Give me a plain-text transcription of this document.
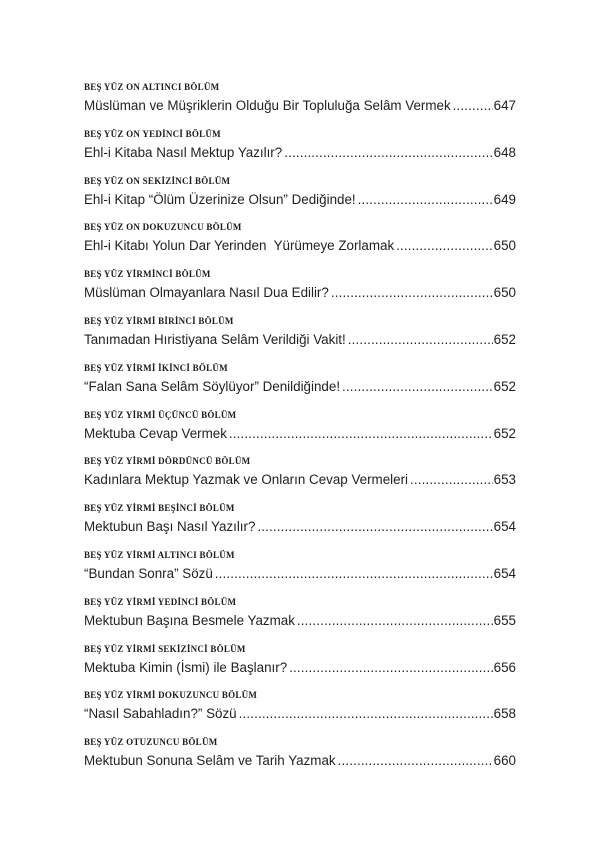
BEŞ YÜZ ON ALTINCI BÖLÜM
Müslüman ve Müşriklerin Olduğu Bir Topluluğa Selâm Vermek .....	647
BEŞ YÜZ ON YEDİNCİ BÖLÜM
Ehl-i Kitaba Nasıl Mektup Yazılır? .....	648
BEŞ YÜZ ON SEKİZİNCİ BÖLÜM
Ehl-i Kitap “Ölüm Üzerinize Olsun” Dediğinde! .....	649
BEŞ YÜZ ON DOKUZUNCU BÖLÜM
Ehl-i Kitabı Yolun Dar Yerinden  Yürümeye Zorlamak .....	650
BEŞ YÜZ YİRMİNCİ BÖLÜM
Müslüman Olmayanlara Nasıl Dua Edilir? .....	650
BEŞ YÜZ YİRMİ BİRİNCİ BÖLÜM
Tanımadan Hıristiyana Selâm Verildiği Vakit! .....	652
BEŞ YÜZ YİRMİ İKİNCİ BÖLÜM
“Falan Sana Selâm Söylüyor” Denildiğinde! .....	652
BEŞ YÜZ YİRMİ ÜÇÜNCÜ BÖLÜM
Mektuba Cevap Vermek .....	652
BEŞ YÜZ YİRMİ DÖRDÜNCÜ BÖLÜM
Kadınlara Mektup Yazmak ve Onların Cevap Vermeleri .....	653
BEŞ YÜZ YİRMİ BEŞİNCİ BÖLÜM
Mektubun Başı Nasıl Yazılır? .....	654
BEŞ YÜZ YİRMİ ALTINCI BÖLÜM
“Bundan Sonra” Sözü .....	654
BEŞ YÜZ YİRMİ YEDİNCİ BÖLÜM
Mektubun Başına Besmele Yazmak .....	655
BEŞ YÜZ YİRMİ SEKİZİNCİ BÖLÜM
Mektuba Kimin (İsmi) ile Başlanır? .....	656
BEŞ YÜZ YİRMİ DOKUZUNCU BÖLÜM
“Nasıl Sabahladın?” Sözü .....	658
BEŞ YÜZ OTUZUNCU BÖLÜM
Mektubun Sonuna Selâm ve Tarih Yazmak .....	660
